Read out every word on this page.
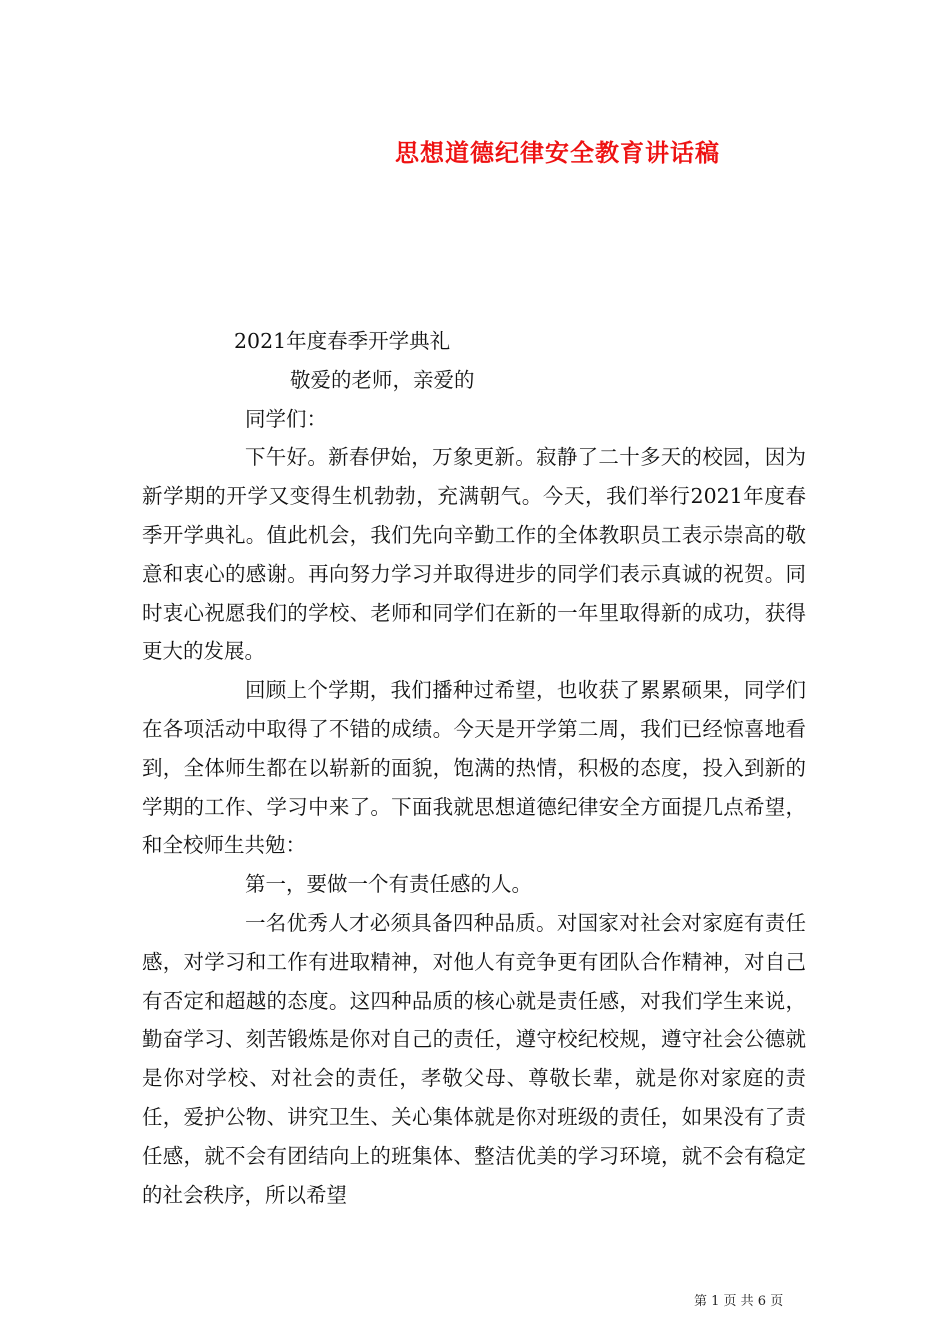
思想道德纪律安全教育讲话稿

2021年度春季开学典礼

敬爱的老师，亲爱的

同学们：

下午好。新春伊始，万象更新。寂静了二十多天的校园，因为新学期的开学又变得生机勃勃，充满朝气。今天，我们举行2021年度春季开学典礼。值此机会，我们先向辛勤工作的全体教职员工表示崇高的敬意和衷心的感谢。再向努力学习并取得进步的同学们表示真诚的祝贺。同时衷心祝愿我们的学校、老师和同学们在新的一年里取得新的成功，获得更大的发展。

回顾上个学期，我们播种过希望，也收获了累累硕果，同学们在各项活动中取得了不错的成绩。今天是开学第二周，我们已经惊喜地看到，全体师生都在以崭新的面貌，饱满的热情，积极的态度，投入到新的学期的工作、学习中来了。下面我就思想道德纪律安全方面提几点希望，和全校师生共勉：

第一，要做一个有责任感的人。

一名优秀人才必须具备四种品质。对国家对社会对家庭有责任感，对学习和工作有进取精神，对他人有竞争更有团队合作精神，对自己有否定和超越的态度。这四种品质的核心就是责任感，对我们学生来说，勤奋学习、刻苦锻炼是你对自己的责任，遵守校纪校规，遵守社会公德就是你对学校、对社会的责任，孝敬父母、尊敬长辈，就是你对家庭的责任，爱护公物、讲究卫生、关心集体就是你对班级的责任，如果没有了责任感，就不会有团结向上的班集体、整洁优美的学习环境，就不会有稳定的社会秩序，所以希望

第 1 页 共 6 页
